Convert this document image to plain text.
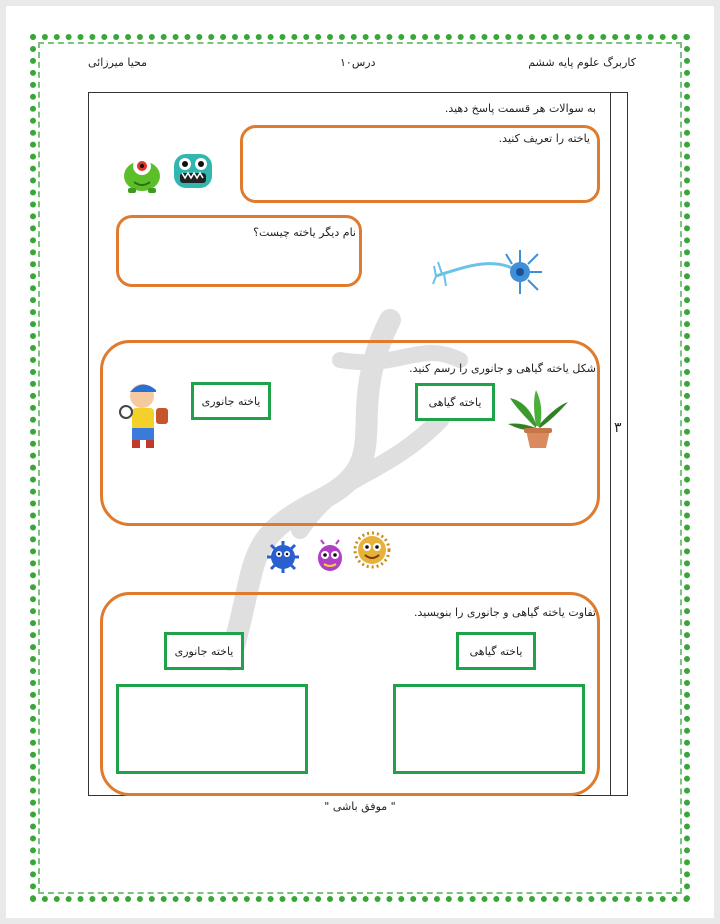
کاربرگ علوم پایه ششم
درس۱۰
محیا میرزائی
۳
به سوالات هر قسمت پاسخ دهید.
یاخته را تعریف کنید.
نام دیگر یاخته چیست؟
شکل یاخته گیاهی و جانوری را رسم کنید.
یاخته جانوری	یاخته گیاهی
تفاوت یاخته گیاهی و جانوری را بنویسید.
یاخته جانوری	یاخته گیاهی
" موفق باشی "
